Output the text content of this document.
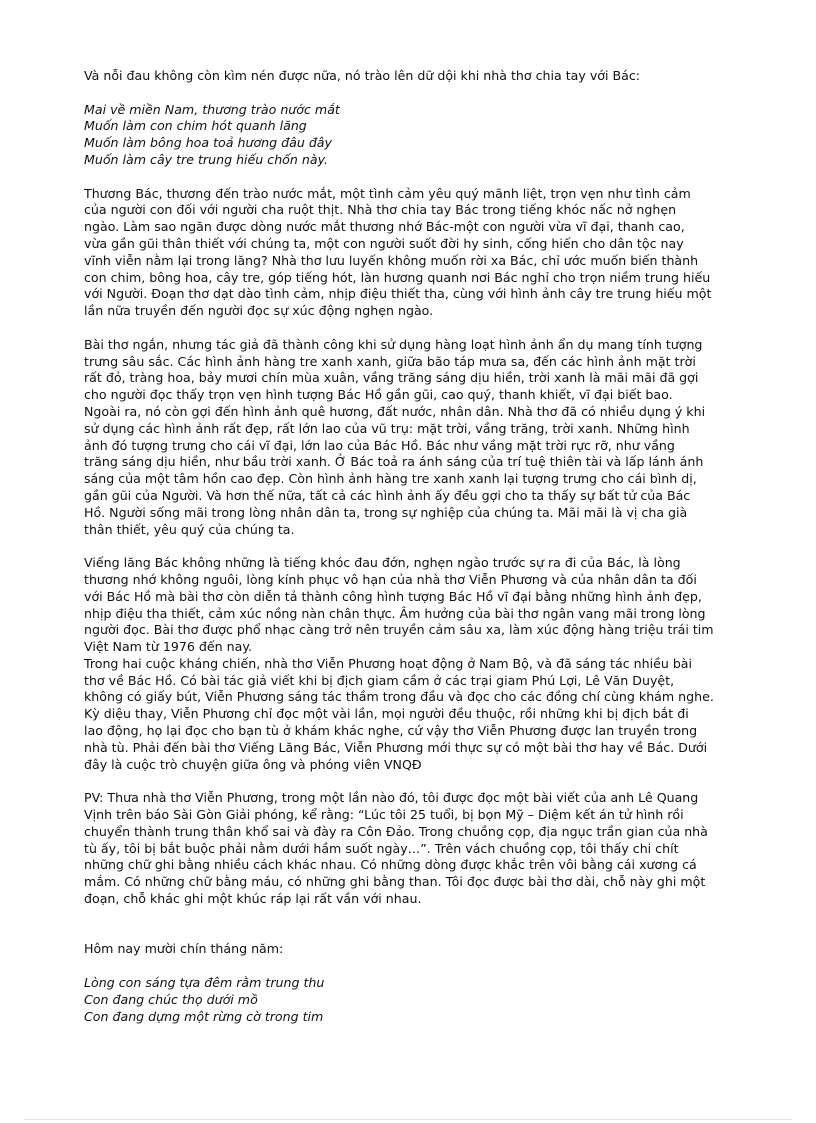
Và nỗi đau không còn kìm nén được nữa, nó trào lên dữ dội khi nhà thơ chia tay với Bác:

Mai về miền Nam, thương trào nước mắt

Muốn làm con chim hót quanh lăng

Muốn làm bông hoa toả hương đâu đây

Muốn làm cây tre trung hiếu chốn này.

Thương Bác, thương đến trào nước mắt, một tình cảm yêu quý mãnh liệt, trọn vẹn như tình cảm

của người con đối với người cha ruột thịt. Nhà thơ chia tay Bác trong tiếng khóc nấc nở nghẹn

ngào. Làm sao ngăn được dòng nước mắt thương nhớ Bác-một con người vừa vĩ đại, thanh cao,

vừa gần gũi thân thiết với chúng ta, một con người suốt đời hy sinh, cống hiến cho dân tộc nay

vĩnh viễn nằm lại trong lăng? Nhà thơ lưu luyến không muốn rời xa Bác, chỉ ước muốn biến thành

con chim, bông hoa, cây tre, góp tiếng hót, làn hương quanh nơi Bác nghỉ cho trọn niềm trung hiếu

với Người. Đoạn thơ dạt dào tình cảm, nhịp điệu thiết tha, cùng với hình ảnh cây tre trung hiếu một

lần nữa truyền đến người đọc sự xúc động nghẹn ngào.

Bài thơ ngắn, nhưng tác giả đã thành công khi sử dụng hàng loạt hình ảnh ẩn dụ mang tính tượng

trưng sâu sắc. Các hình ảnh hàng tre xanh xanh, giữa bão táp mưa sa, đến các hình ảnh mặt trời

rất đỏ, tràng hoa, bảy mươi chín mùa xuân, vầng trăng sáng dịu hiền, trời xanh là mãi mãi đã gợi

cho người đọc thấy trọn vẹn hình tượng Bác Hồ gần gũi, cao quý, thanh khiết, vĩ đại biết bao.

Ngoài ra, nó còn gợi đến hình ảnh quê hương, đất nước, nhân dân. Nhà thơ đã có nhiều dụng ý khi

sử dụng các hình ảnh rất đẹp, rất lớn lao của vũ trụ: mặt trời, vầng trăng, trời xanh. Những hình

ảnh đó tượng trưng cho cái vĩ đại, lớn lao của Bác Hồ. Bác như vầng mặt trời rực rỡ, như vầng

trăng sáng dịu hiền, như bầu trời xanh. Ở Bác toả ra ánh sáng của trí tuệ thiên tài và lấp lánh ánh

sáng của một tâm hồn cao đẹp. Còn hình ảnh hàng tre xanh xanh lại tượng trưng cho cái bình dị,

gần gũi của Người. Và hơn thế nữa, tất cả các hình ảnh ấy đều gợi cho ta thấy sự bất tử của Bác

Hồ. Người sống mãi trong lòng nhân dân ta, trong sự nghiệp của chúng ta. Mãi mãi là vị cha già

thân thiết, yêu quý của chúng ta.

Viếng lăng Bác không những là tiếng khóc đau đớn, nghẹn ngào trước sự ra đi của Bác, là lòng

thương nhớ không nguôi, lòng kính phục vô hạn của nhà thơ Viễn Phương và của nhân dân ta đối

với Bác Hồ mà bài thơ còn diễn tả thành công hình tượng Bác Hồ vĩ đại bằng những hình ảnh đẹp,

nhịp điệu tha thiết, cảm xúc nồng nàn chân thực. Âm hưởng của bài thơ ngân vang mãi trong lòng

người đọc. Bài thơ được phổ nhạc càng trở nên truyền cảm sâu xa, làm xúc động hàng triệu trái tim

Việt Nam từ 1976 đến nay.

Trong hai cuộc kháng chiến, nhà thơ Viễn Phương hoạt động ở Nam Bộ, và đã sáng tác nhiều bài

thơ về Bác Hồ. Có bài tác giả viết khi bị địch giam cầm ở các trại giam Phú Lợi, Lê Văn Duyệt,

không có giấy bút, Viễn Phương sáng tác thầm trong đầu và đọc cho các đồng chí cùng khám nghe.

Kỳ diệu thay, Viễn Phương chỉ đọc một vài lần, mọi người đều thuộc, rồi những khi bị địch bắt đi

lao động, họ lại đọc cho bạn tù ở khám khác nghe, cứ vậy thơ Viễn Phương được lan truyền trong

nhà tù. Phải đến bài thơ Viếng Lăng Bác, Viễn Phương mới thực sự có một bài thơ hay về Bác. Dưới

đây là cuộc trò chuyện giữa ông và phóng viên VNQĐ

PV: Thưa nhà thơ Viễn Phương, trong một lần nào đó, tôi được đọc một bài viết của anh Lê Quang

Vịnh trên báo Sài Gòn Giải phóng, kể rằng: “Lúc tôi 25 tuổi, bị bọn Mỹ – Diệm kết án tử hình rồi

chuyển thành trung thân khổ sai và đày ra Côn Đảo. Trong chuồng cọp, địa ngục trần gian của nhà

tù ấy, tôi bị bắt buộc phải nằm dưới hầm suốt ngày…”. Trên vách chuồng cọp, tôi thấy chi chít

những chữ ghi bằng nhiều cách khác nhau. Có những dòng được khắc trên vôi bằng cái xương cá

mắm. Có những chữ bằng máu, có những ghi bằng than. Tôi đọc được bài thơ dài, chỗ này ghi một

đoạn, chỗ khác ghi một khúc ráp lại rất vần với nhau.

Hôm nay mười chín tháng năm:

Lòng con sáng tựa đêm rằm trung thu

Con đang chúc thọ dưới mồ

Con đang dựng một rừng cờ trong tim
